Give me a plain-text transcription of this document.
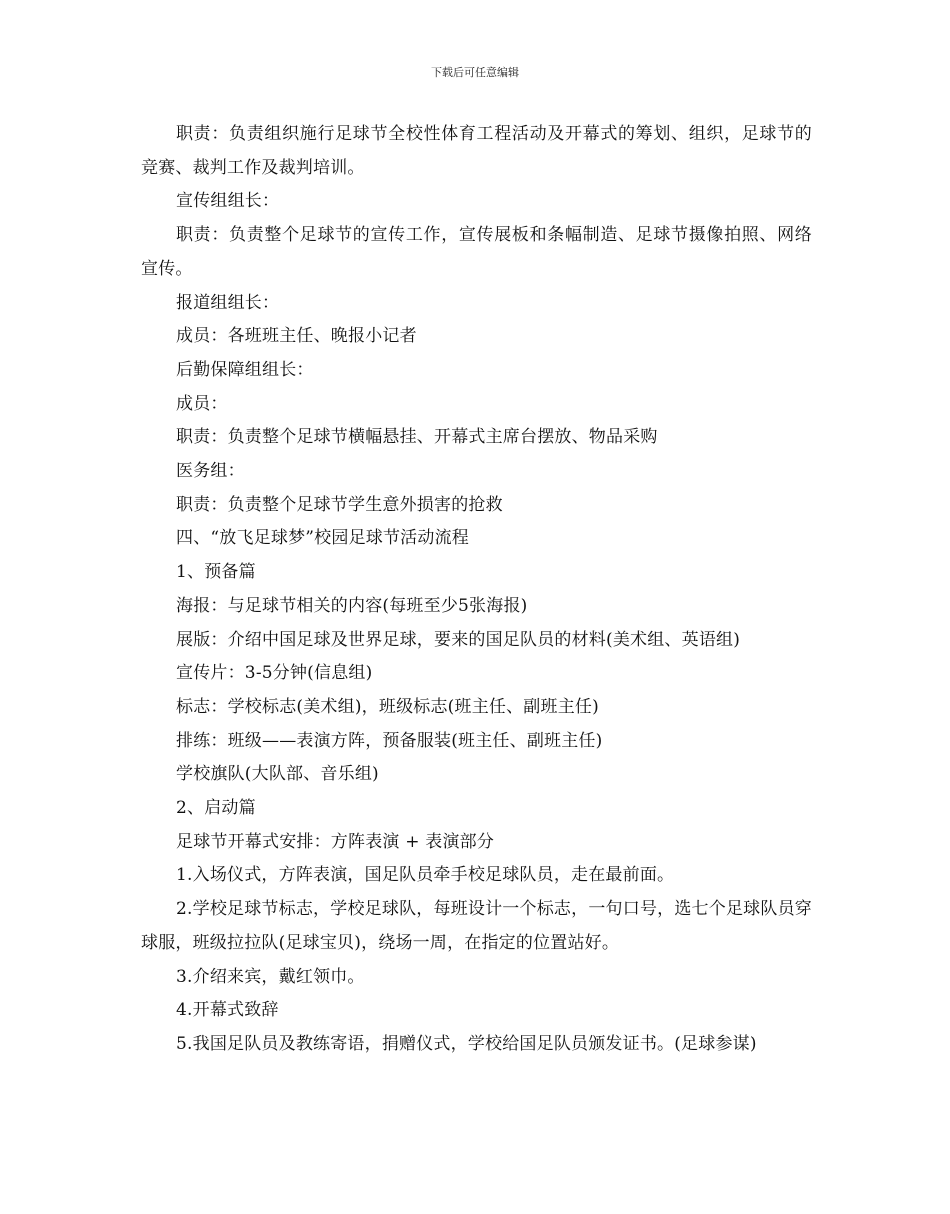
下载后可任意编辑

职责：负责组织施行足球节全校性体育工程活动及开幕式的筹划、组织，足球节的竞赛、裁判工作及裁判培训。

宣传组组长：

职责：负责整个足球节的宣传工作，宣传展板和条幅制造、足球节摄像拍照、网络宣传。

报道组组长：

成员：各班班主任、晚报小记者

后勤保障组组长：

成员：

职责：负责整个足球节横幅悬挂、开幕式主席台摆放、物品采购

医务组：

职责：负责整个足球节学生意外损害的抢救

四、“放飞足球梦”校园足球节活动流程

1、预备篇

海报：与足球节相关的内容(每班至少5张海报)

展版：介绍中国足球及世界足球，要来的国足队员的材料(美术组、英语组)

宣传片：3-5分钟(信息组)

标志：学校标志(美术组)，班级标志(班主任、副班主任)

排练：班级——表演方阵，预备服装(班主任、副班主任)

学校旗队(大队部、音乐组)

2、启动篇

足球节开幕式安排：方阵表演 + 表演部分

1.入场仪式，方阵表演，国足队员牵手校足球队员，走在最前面。

2.学校足球节标志，学校足球队，每班设计一个标志，一句口号，选七个足球队员穿球服，班级拉拉队(足球宝贝)，绕场一周，在指定的位置站好。

3.介绍来宾，戴红领巾。

4.开幕式致辞

5.我国足队员及教练寄语，捐赠仪式，学校给国足队员颁发证书。(足球参谋)
